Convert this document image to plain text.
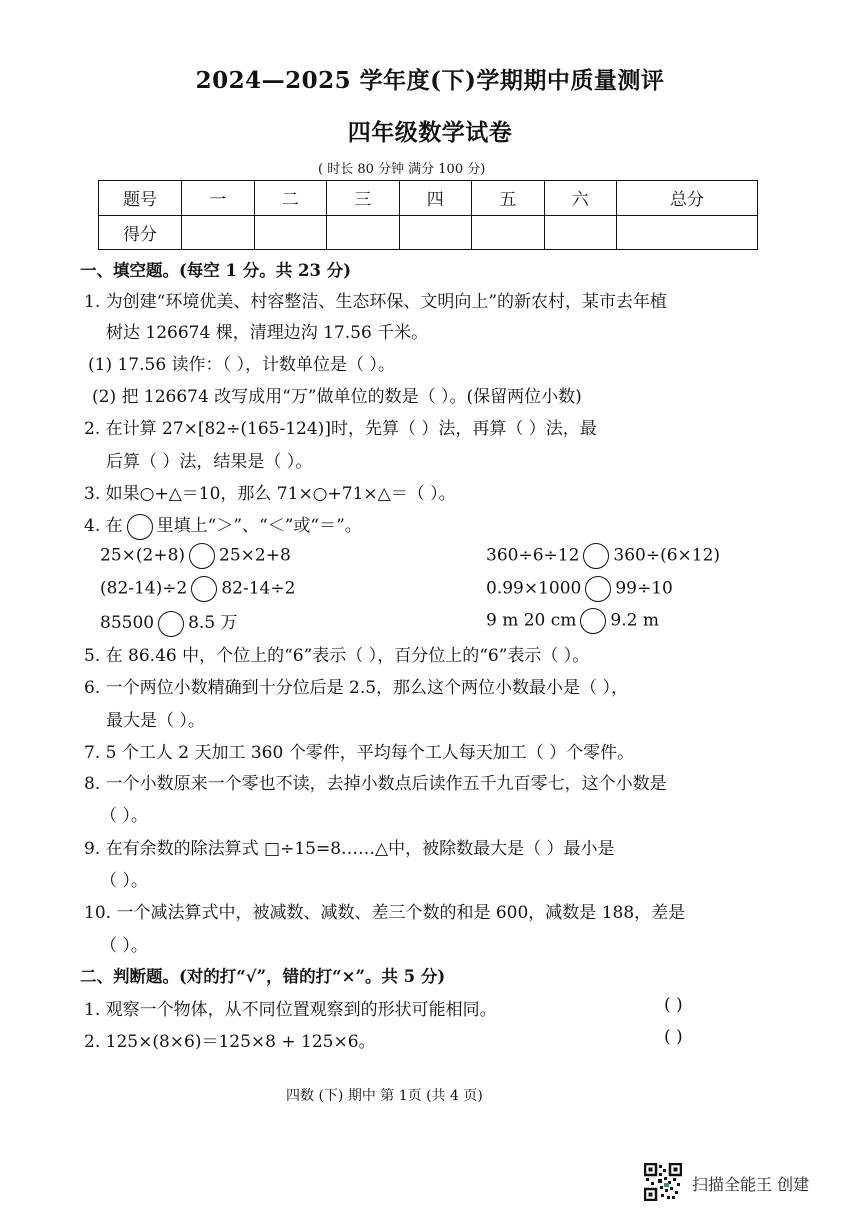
2024—2025 学年度(下)学期期中质量测评
四年级数学试卷
( 时长 80 分钟 满分 100 分)
题号	一	二	三	四	五	六	总分
得分							
一、填空题。(每空 1 分。共 23 分)
1. 为创建“环境优美、村容整洁、生态环保、文明向上”的新农村，某市去年植
树达 126674 棵，清理边沟 17.56 千米。
(1) 17.56 读作：（ ），计数单位是（ ）。
(2) 把 126674 改写成用“万”做单位的数是（ ）。(保留两位小数)
2. 在计算 27×[82÷(165-124)]时，先算（ ）法，再算（ ）法，最
后算（ ）法，结果是（ ）。
3. 如果○+△＝10，那么 71×○+71×△＝（ ）。
4. 在 里填上“＞”、“＜”或“＝”。
25×(2+8) 25×2+8	360÷6÷12 360÷(6×12)
(82-14)÷2 82-14÷2	0.99×1000 99÷10
85500 8.5 万	9 m 20 cm 9.2 m
5. 在 86.46 中，个位上的“6”表示（ ），百分位上的“6”表示（ ）。
6. 一个两位小数精确到十分位后是 2.5，那么这个两位小数最小是（ ），
最大是（ ）。
7. 5 个工人 2 天加工 360 个零件，平均每个工人每天加工（ ）个零件。
8. 一个小数原来一个零也不读，去掉小数点后读作五千九百零七，这个小数是
（ ）。
9. 在有余数的除法算式 □÷15=8……△中，被除数最大是（ ）最小是
（ ）。
10. 一个减法算式中，被减数、减数、差三个数的和是 600，减数是 188，差是
（ ）。
二、判断题。(对的打“√”，错的打“×”。共 5 分)
1. 观察一个物体，从不同位置观察到的形状可能相同。	( )
2. 125×(8×6)＝125×8 + 125×6。	( )
四数 (下) 期中 第 1页 (共 4 页)
扫描全能王 创建
